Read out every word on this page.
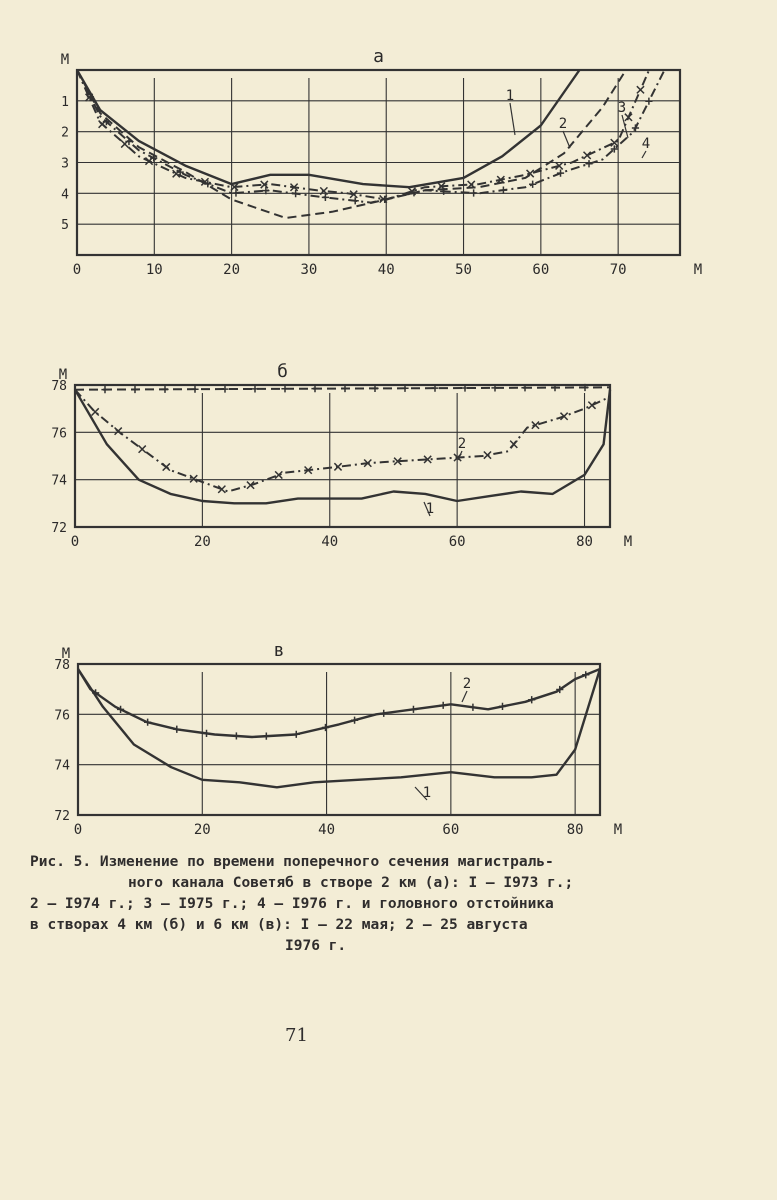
0	10	20	30	40	50	60	70
1
2
3
4
5
М
М
а
1
2
3
4
0	20	40	60	80
72
74
76
78
М
М
б
1
2
0	20	40	60	80
72
74
76
78
М
М
в
1
2
Рис. 5. Изменение по времени поперечного сечения магистраль-
ного канала Советяб в створе 2 км (а): I – I973 г.;
2 – I974 г.; 3 – I975 г.; 4 – I976 г. и головного отстойника
в створах 4 км (б) и 6 км (в): I – 22 мая; 2 – 25 августа
I976 г.
71
